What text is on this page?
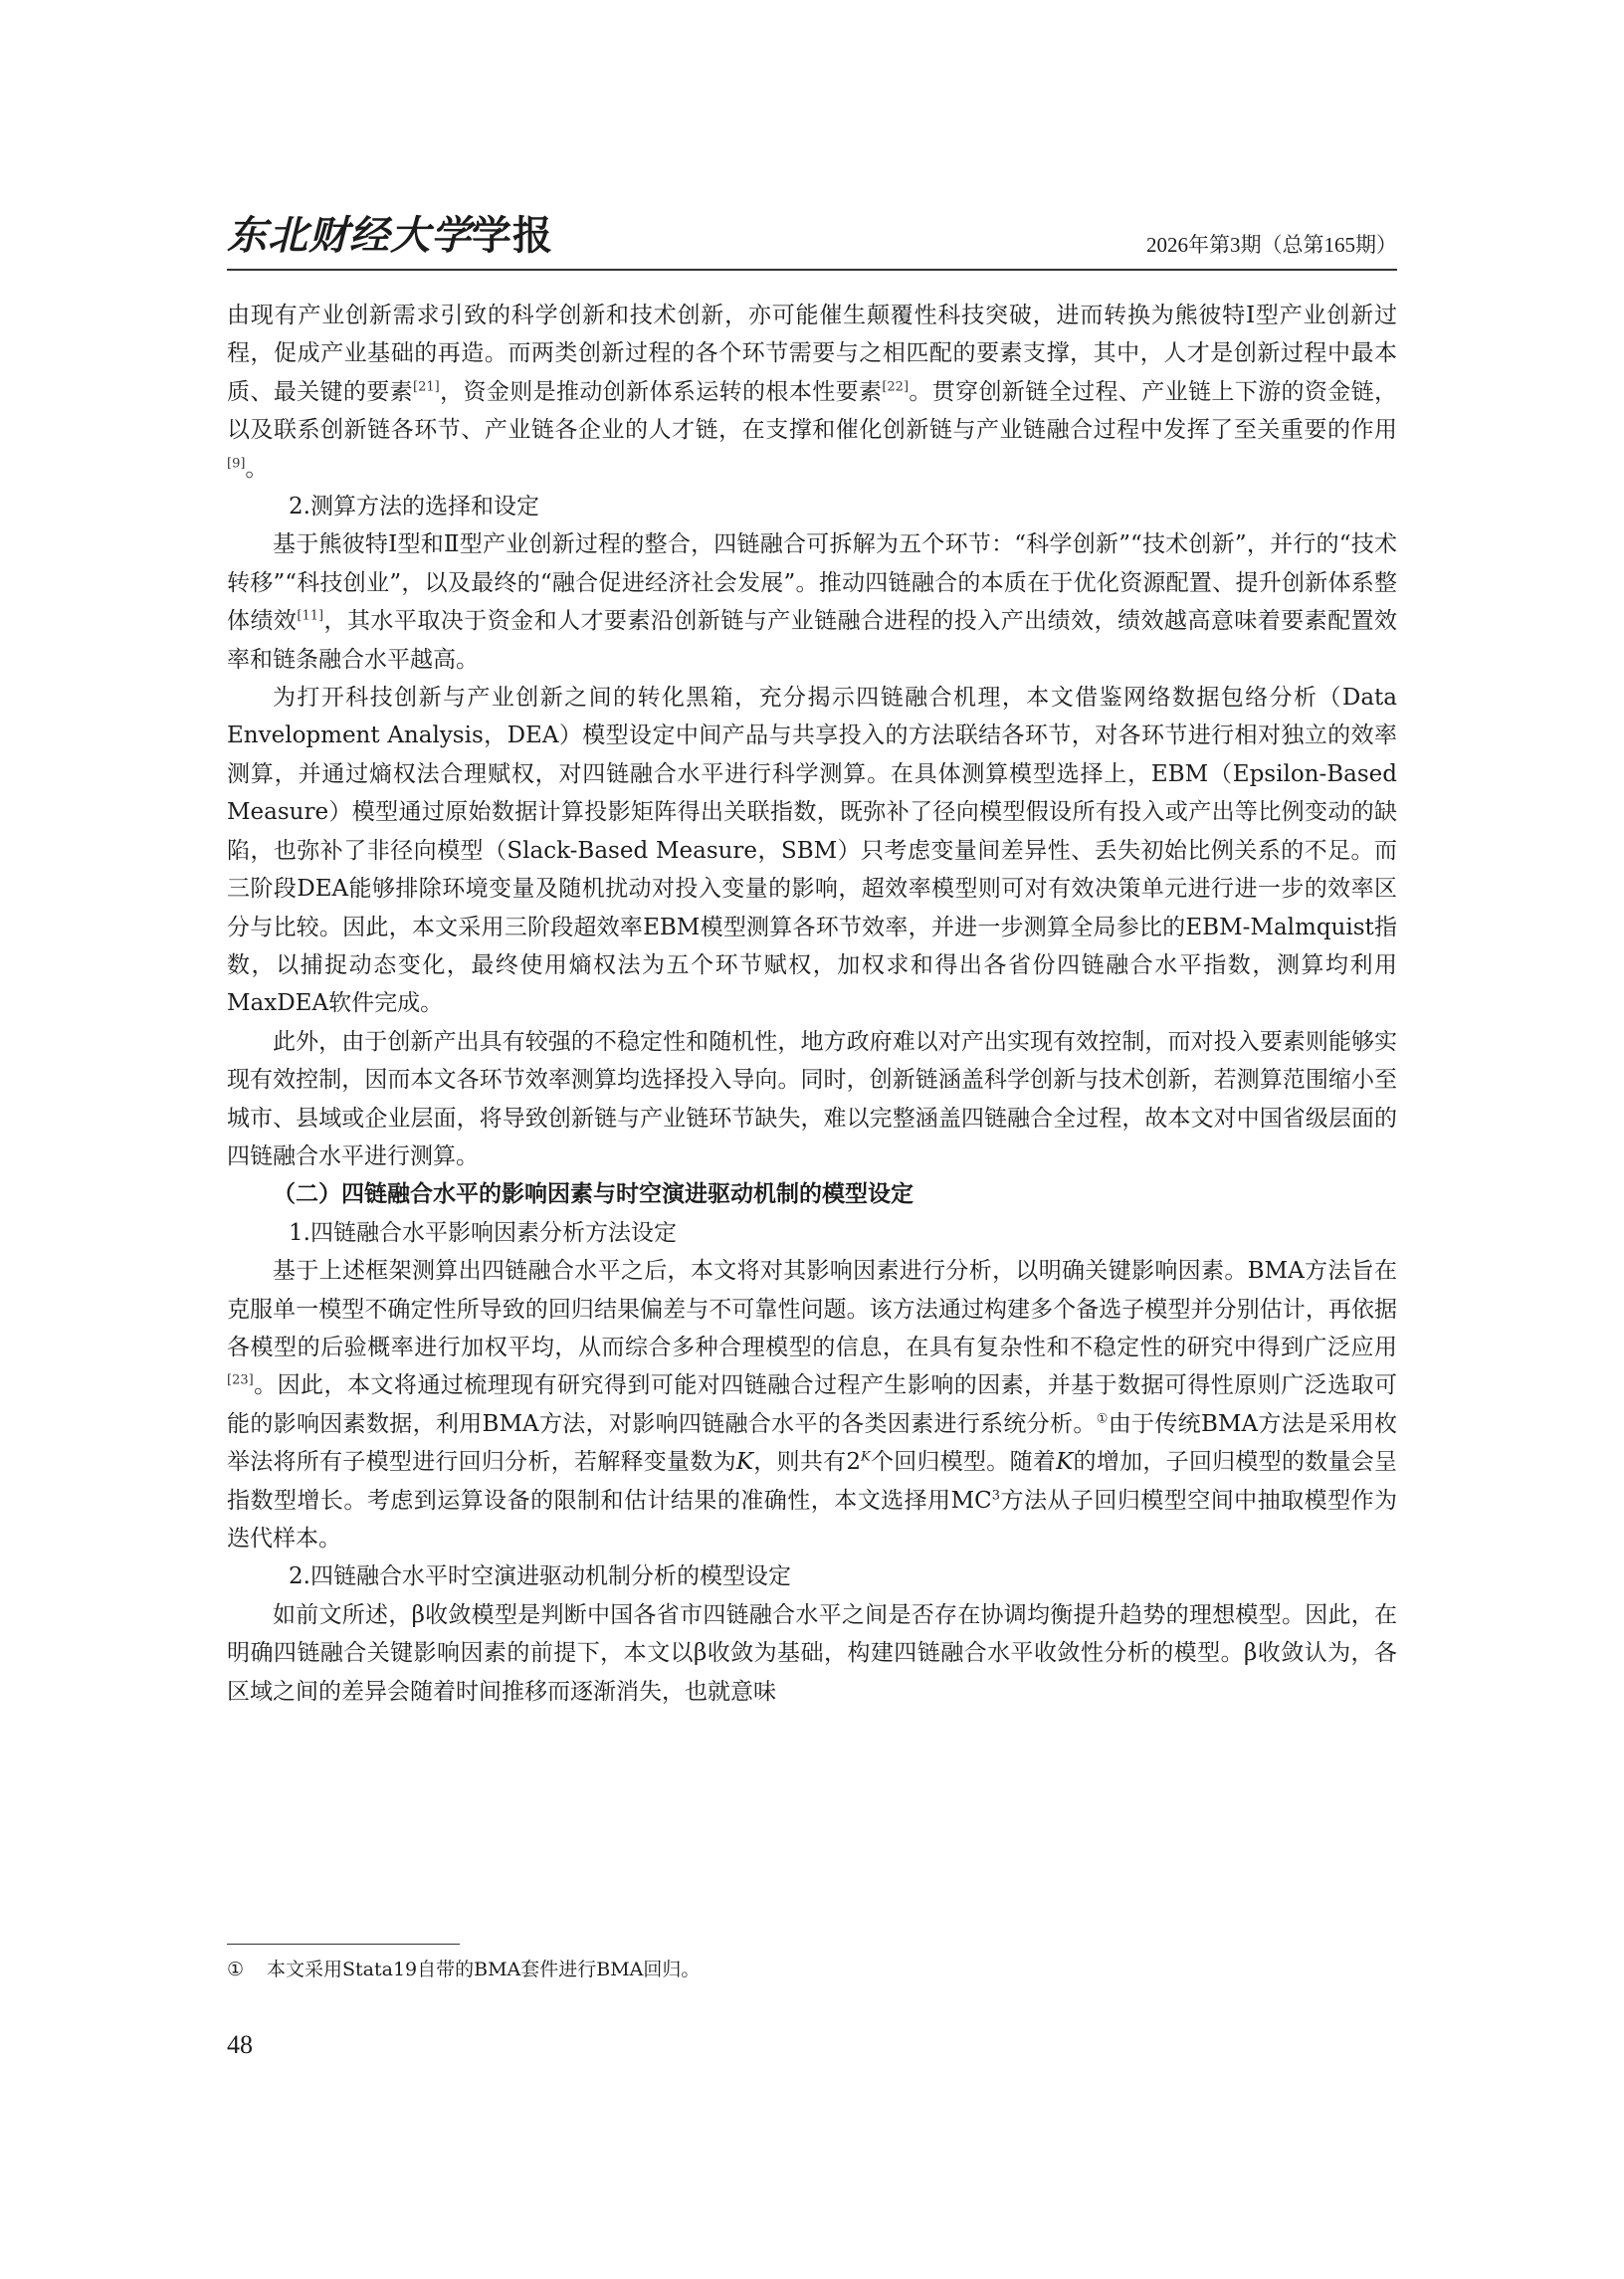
东北财经大学学报	2026年第3期（总第165期）

由现有产业创新需求引致的科学创新和技术创新，亦可能催生颠覆性科技突破，进而转换为熊彼特Ⅰ型产业创新过程，促成产业基础的再造。而两类创新过程的各个环节需要与之相匹配的要素支撑，其中，人才是创新过程中最本质、最关键的要素[21]，资金则是推动创新体系运转的根本性要素[22]。贯穿创新链全过程、产业链上下游的资金链，以及联系创新链各环节、产业链各企业的人才链，在支撑和催化创新链与产业链融合过程中发挥了至关重要的作用[9]。

2.测算方法的选择和设定

基于熊彼特Ⅰ型和Ⅱ型产业创新过程的整合，四链融合可拆解为五个环节：“科学创新”“技术创新”，并行的“技术转移”“科技创业”，以及最终的“融合促进经济社会发展”。推动四链融合的本质在于优化资源配置、提升创新体系整体绩效[11]，其水平取决于资金和人才要素沿创新链与产业链融合进程的投入产出绩效，绩效越高意味着要素配置效率和链条融合水平越高。

为打开科技创新与产业创新之间的转化黑箱，充分揭示四链融合机理，本文借鉴网络数据包络分析（Data Envelopment Analysis，DEA）模型设定中间产品与共享投入的方法联结各环节，对各环节进行相对独立的效率测算，并通过熵权法合理赋权，对四链融合水平进行科学测算。在具体测算模型选择上，EBM（Epsilon-Based Measure）模型通过原始数据计算投影矩阵得出关联指数，既弥补了径向模型假设所有投入或产出等比例变动的缺陷，也弥补了非径向模型（Slack-Based Measure，SBM）只考虑变量间差异性、丢失初始比例关系的不足。而三阶段DEA能够排除环境变量及随机扰动对投入变量的影响，超效率模型则可对有效决策单元进行进一步的效率区分与比较。因此，本文采用三阶段超效率EBM模型测算各环节效率，并进一步测算全局参比的EBM-Malmquist指数，以捕捉动态变化，最终使用熵权法为五个环节赋权，加权求和得出各省份四链融合水平指数，测算均利用MaxDEA软件完成。

此外，由于创新产出具有较强的不稳定性和随机性，地方政府难以对产出实现有效控制，而对投入要素则能够实现有效控制，因而本文各环节效率测算均选择投入导向。同时，创新链涵盖科学创新与技术创新，若测算范围缩小至城市、县域或企业层面，将导致创新链与产业链环节缺失，难以完整涵盖四链融合全过程，故本文对中国省级层面的四链融合水平进行测算。

（二）四链融合水平的影响因素与时空演进驱动机制的模型设定

1.四链融合水平影响因素分析方法设定

基于上述框架测算出四链融合水平之后，本文将对其影响因素进行分析，以明确关键影响因素。BMA方法旨在克服单一模型不确定性所导致的回归结果偏差与不可靠性问题。该方法通过构建多个备选子模型并分别估计，再依据各模型的后验概率进行加权平均，从而综合多种合理模型的信息，在具有复杂性和不稳定性的研究中得到广泛应用[23]。因此，本文将通过梳理现有研究得到可能对四链融合过程产生影响的因素，并基于数据可得性原则广泛选取可能的影响因素数据，利用BMA方法，对影响四链融合水平的各类因素进行系统分析。①由于传统BMA方法是采用枚举法将所有子模型进行回归分析，若解释变量数为K，则共有2$^K$个回归模型。随着K的增加，子回归模型的数量会呈指数型增长。考虑到运算设备的限制和估计结果的准确性，本文选择用MC$^3$方法从子回归模型空间中抽取模型作为迭代样本。

2.四链融合水平时空演进驱动机制分析的模型设定

如前文所述，β收敛模型是判断中国各省市四链融合水平之间是否存在协调均衡提升趋势的理想模型。因此，在明确四链融合关键影响因素的前提下，本文以β收敛为基础，构建四链融合水平收敛性分析的模型。β收敛认为，各区域之间的差异会随着时间推移而逐渐消失，也就意味

① 本文采用Stata19自带的BMA套件进行BMA回归。
48
